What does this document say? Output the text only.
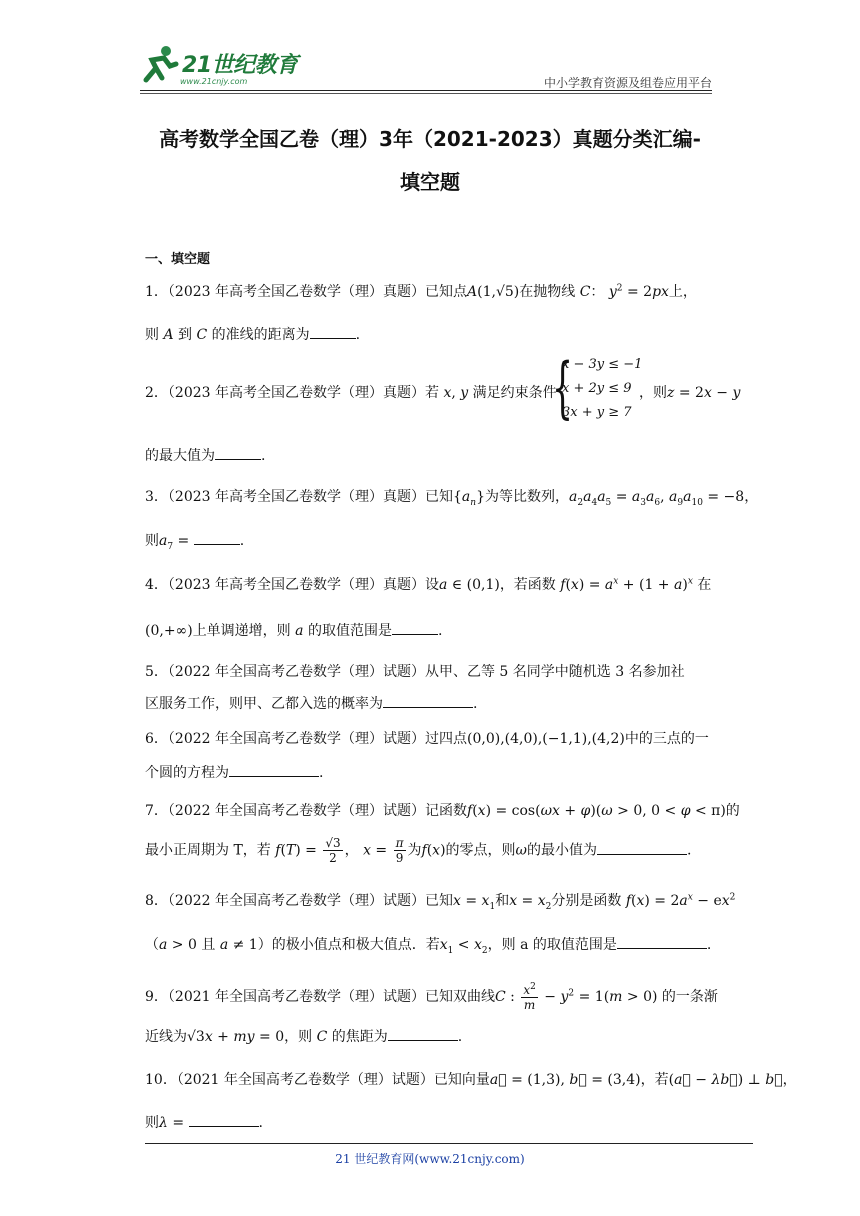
21世纪教育
www.21cnjy.com	中小学教育资源及组卷应用平台
高考数学全国乙卷（理）3年（2021-2023）真题分类汇编-
填空题
一、填空题
1．（2023 年高考全国乙卷数学（理）真题）已知点A(1,√5)在抛物线 C： $y^2 = 2px$上，
则 A 到 C 的准线的距离为	.
2．（2023 年高考全国乙卷数学（理）真题）若 x, y 满足约束条件
{
x − 3y ≤ −1
x + 2y ≤ 9
3x + y ≥ 7
，则z = 2x − y
的最大值为	.
3．（2023 年高考全国乙卷数学（理）真题）已知$\{a_n\}$为等比数列，$a_2a_4a_5 = a_3a_6$, $a_9a_{10} = -8$，
则$a_7$ =	.
4．（2023 年高考全国乙卷数学（理）真题）设a ∈ (0,1)，若函数 $f(x) = a^x + (1 + a)^x$ 在
(0,+∞)上单调递增，则 a 的取值范围是	.
5．（2022 年全国高考乙卷数学（理）试题）从甲、乙等 5 名同学中随机选 3 名参加社
区服务工作，则甲、乙都入选的概率为	.
6．（2022 年全国高考乙卷数学（理）试题）过四点(0,0),(4,0),(−1,1),(4,2)中的三点的一
个圆的方程为	.
7．（2022 年全国高考乙卷数学（理）试题）记函数f(x) = cos(ωx + φ)(ω > 0, 0 < φ < π)的
最小正周期为 T，若 $f(T) = \frac{√3}{2}$ ， $x = \frac{\pi}{9}$ 为f(x)的零点，则ω的最小值为	.
8．（2022 年全国高考乙卷数学（理）试题）已知$x = x_1$和$x = x_2$分别是函数 $f(x) = 2a^x - ex^2$
（a > 0 且 a ≠ 1）的极小值点和极大值点．若$x_1 < x_2$，则 a 的取值范围是	.
9．（2021 年全国高考乙卷数学（理）试题）已知双曲线C : $\frac{x^2}{m} - y^2 = 1(m > 0)$ 的一条渐
近线为√3x + my = 0，则 C 的焦距为	.
10．（2021 年全国高考乙卷数学（理）试题）已知向量a⃗ = (1,3), b⃗ = (3,4)，若(a⃗ − λb⃗) ⊥ b⃗，
则λ =	.
21 世纪教育网(www.21cnjy.com)
